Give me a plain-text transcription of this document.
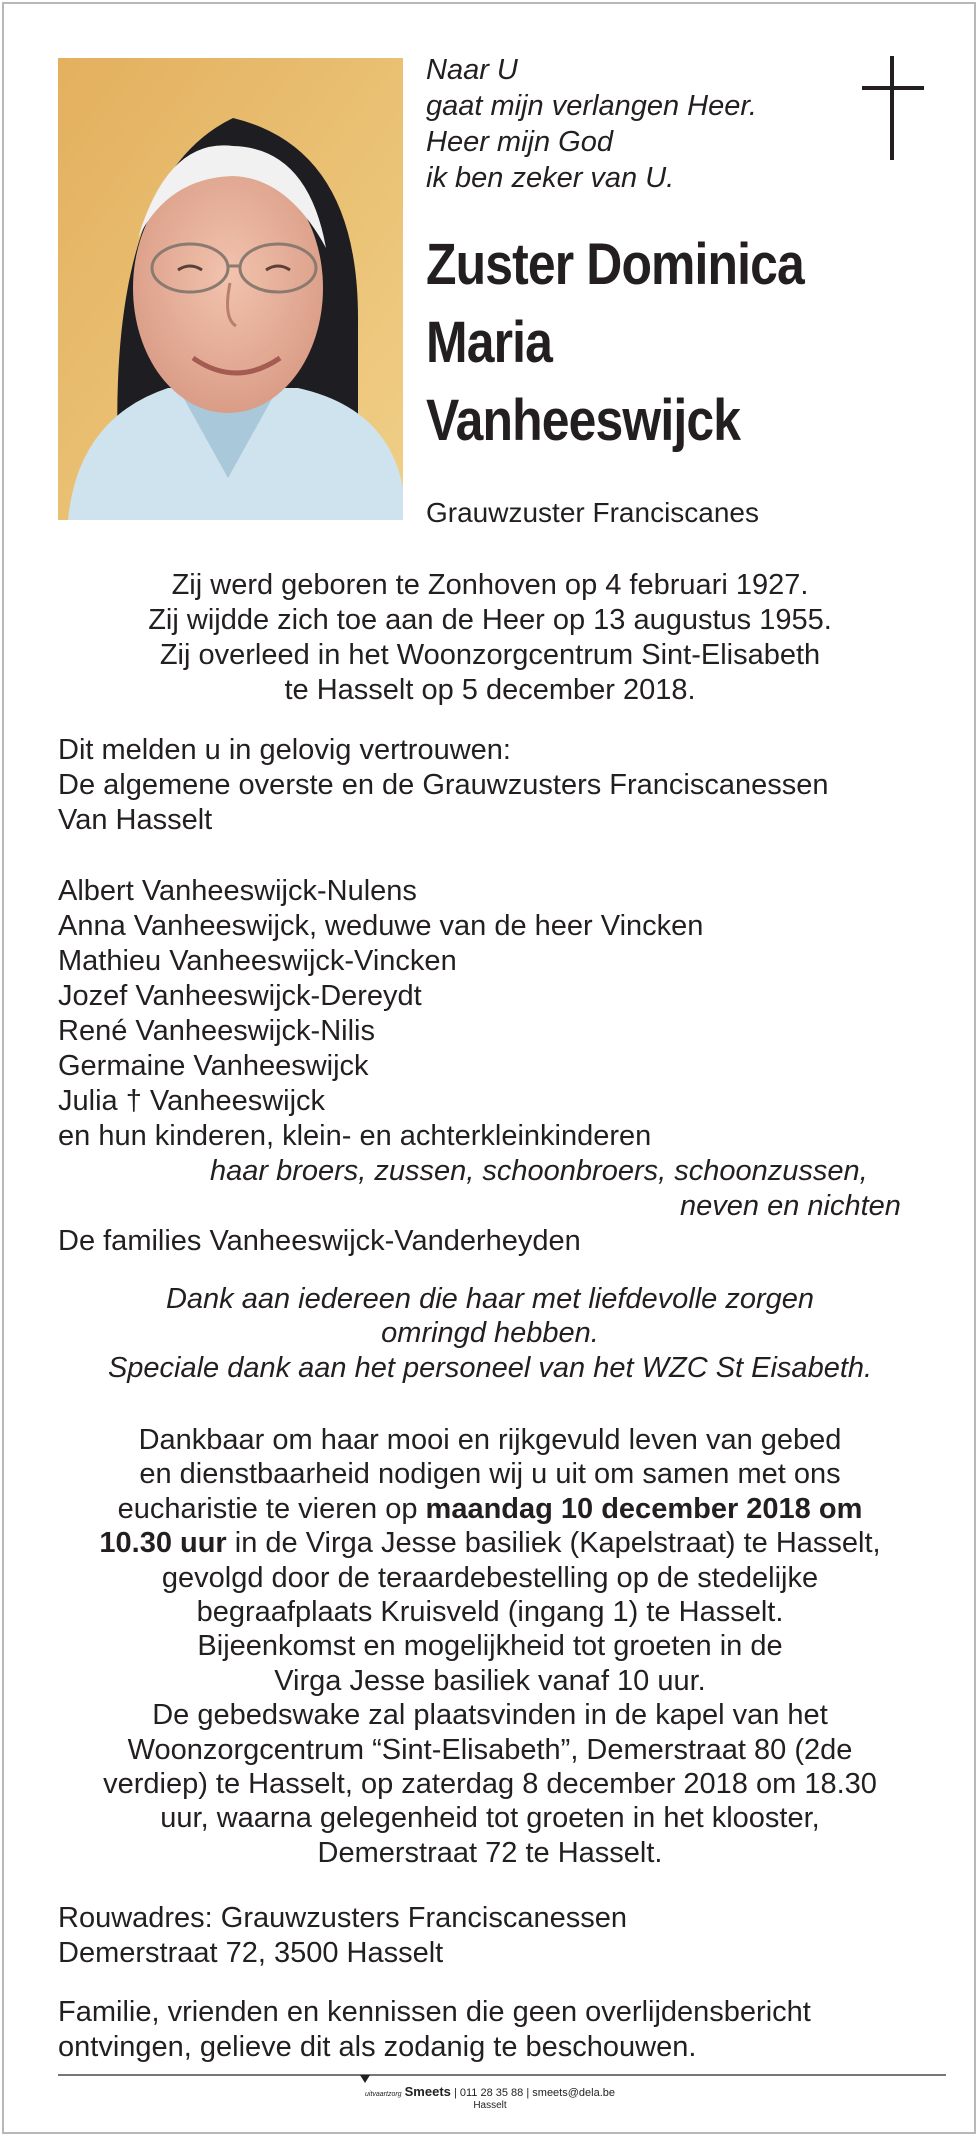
Naar U
gaat mijn verlangen Heer.
Heer mijn God
ik ben zeker van U.
Zuster Dominica
Maria
Vanheeswijck
Grauwzuster Franciscanes
Zij werd geboren te Zonhoven op 4 februari 1927.
Zij wijdde zich toe aan de Heer op 13 augustus 1955.
Zij overleed in het Woonzorgcentrum Sint-Elisabeth
te Hasselt op 5 december 2018.
Dit melden u in gelovig vertrouwen:
De algemene overste en de Grauwzusters Franciscanessen
Van Hasselt
Albert Vanheeswijck-Nulens
Anna Vanheeswijck, weduwe van de heer Vincken
Mathieu Vanheeswijck-Vincken
Jozef Vanheeswijck-Dereydt
René Vanheeswijck-Nilis
Germaine Vanheeswijck
Julia † Vanheeswijck
en hun kinderen, klein- en achterkleinkinderen
haar broers, zussen, schoonbroers, schoonzussen,
neven en nichten
De families Vanheeswijck-Vanderheyden
Dank aan iedereen die haar met liefdevolle zorgen
omringd hebben.
Speciale dank aan het personeel van het WZC St Eisabeth.
Dankbaar om haar mooi en rijkgevuld leven van gebed
en dienstbaarheid nodigen wij u uit om samen met ons
eucharistie te vieren op maandag 10 december 2018 om
10.30 uur in de Virga Jesse basiliek (Kapelstraat) te Hasselt,
gevolgd door de teraardebestelling op de stedelijke
begraafplaats Kruisveld (ingang 1) te Hasselt.
Bijeenkomst en mogelijkheid tot groeten in de
Virga Jesse basiliek vanaf 10 uur.
De gebedswake zal plaatsvinden in de kapel van het
Woonzorgcentrum “Sint-Elisabeth”, Demerstraat 80 (2de
verdiep) te Hasselt, op zaterdag 8 december 2018 om 18.30
uur, waarna gelegenheid tot groeten in het klooster,
Demerstraat 72 te Hasselt.
Rouwadres: Grauwzusters Franciscanessen
Demerstraat 72, 3500 Hasselt
Familie, vrienden en kennissen die geen overlijdensbericht
ontvingen, gelieve dit als zodanig te beschouwen.
uitvaartzorg Smeets | 011 28 35 88 | smeets@dela.be
Hasselt
